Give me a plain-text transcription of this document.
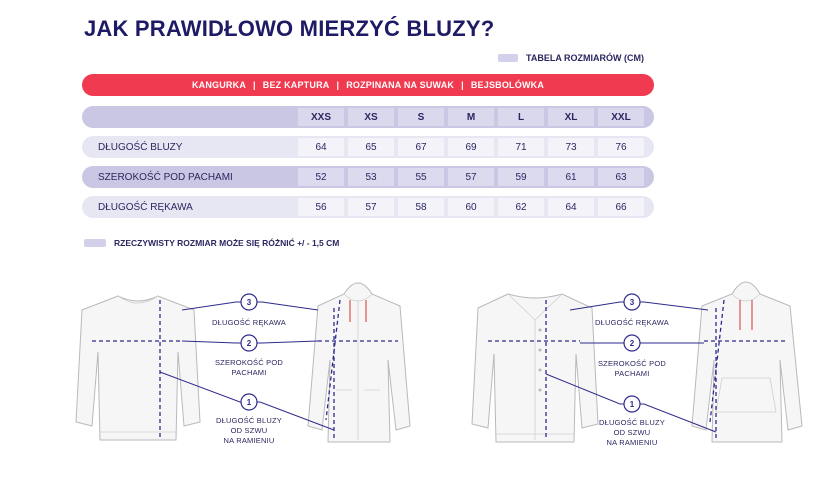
JAK PRAWIDŁOWO MIERZYĆ BLUZY?
TABELA ROZMIARÓW (CM)
KANGURKA | BEZ KAPTURA | ROZPINANA NA SUWAK | BEJSBOLÓWKA
XXS	XS	S	M	L	XL	XXL
DŁUGOŚĆ BLUZY	64	65	67	69	71	73	76
SZEROKOŚĆ POD PACHAMI	52	53	55	57	59	61	63
DŁUGOŚĆ RĘKAWA	56	57	58	60	62	64	66
RZECZYWISTY ROZMIAR MOŻE SIĘ RÓŻNIĆ +/ - 1,5 CM
3
2
1
3
2
1
DŁUGOŚĆ RĘKAWA
SZEROKOŚĆ POD
PACHAMI
DŁUGOŚĆ BLUZY
OD SZWU
NA RAMIENIU
DŁUGOŚĆ RĘKAWA
SZEROKOŚĆ POD
PACHAMI
DŁUGOŚĆ BLUZY
OD SZWU
NA RAMIENIU
